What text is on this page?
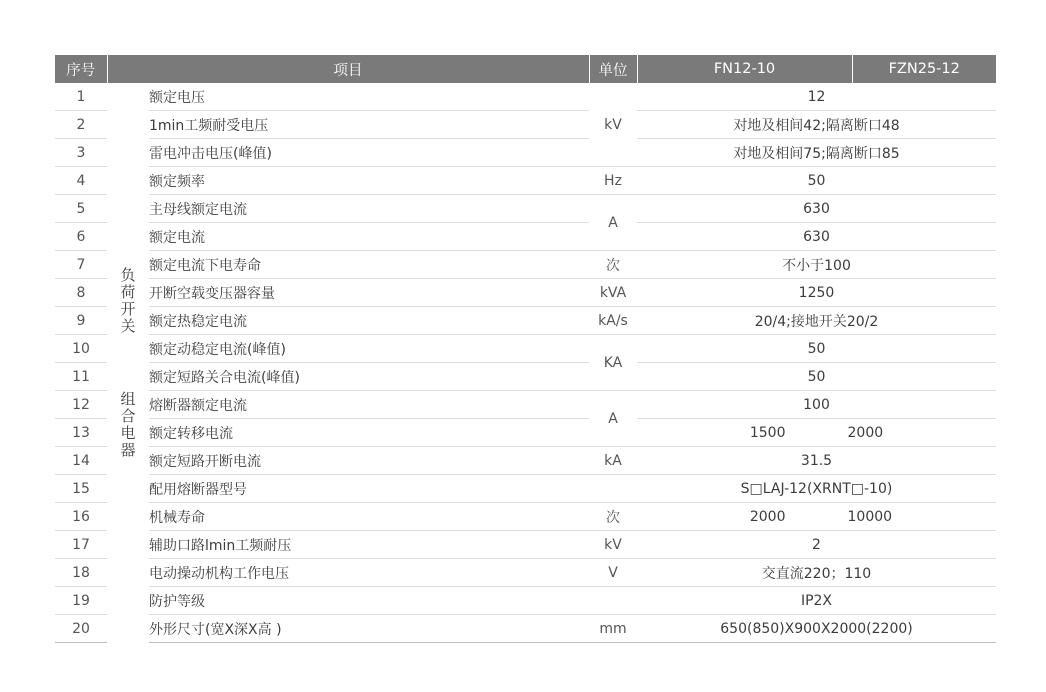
序号	项目		单位	FN12-10	FZN25-12
1		额定电压	kV	12	
2		1min工频耐受电压		对地及相间42;隔离断口48	
3		雷电冲击电压(峰值)		对地及相间75;隔离断口85	
4		额定频率	Hz	50	
5		主母线额定电流	A	630	
6		额定电流		630	
7	负荷开关	额定电流下电寿命	次	不小于100	
8		开断空载变压器容量	kVA	1250	
9		额定热稳定电流	kA/s	20/4;接地开关20/2	
10		额定动稳定电流(峰值)	KA	50	
11		额定短路关合电流(峰值)		50	
12	组合电器	熔断器额定电流	A	100	
13		额定转移电流		1500 2000	

14		额定短路开断电流	kA	31.5	
15		配用熔断器型号		S□LAJ-12(XRNT□-10)	
16		机械寿命	次	2000 10000	

17		辅助口路lmin工频耐压	kV	2	
18		电动操动机构工作电压	V	交直流220；110	
19		防护等级		IP2X	
20		外形尺寸(宽X深X高 )	mm	650(850)X900X2000(2200)	
